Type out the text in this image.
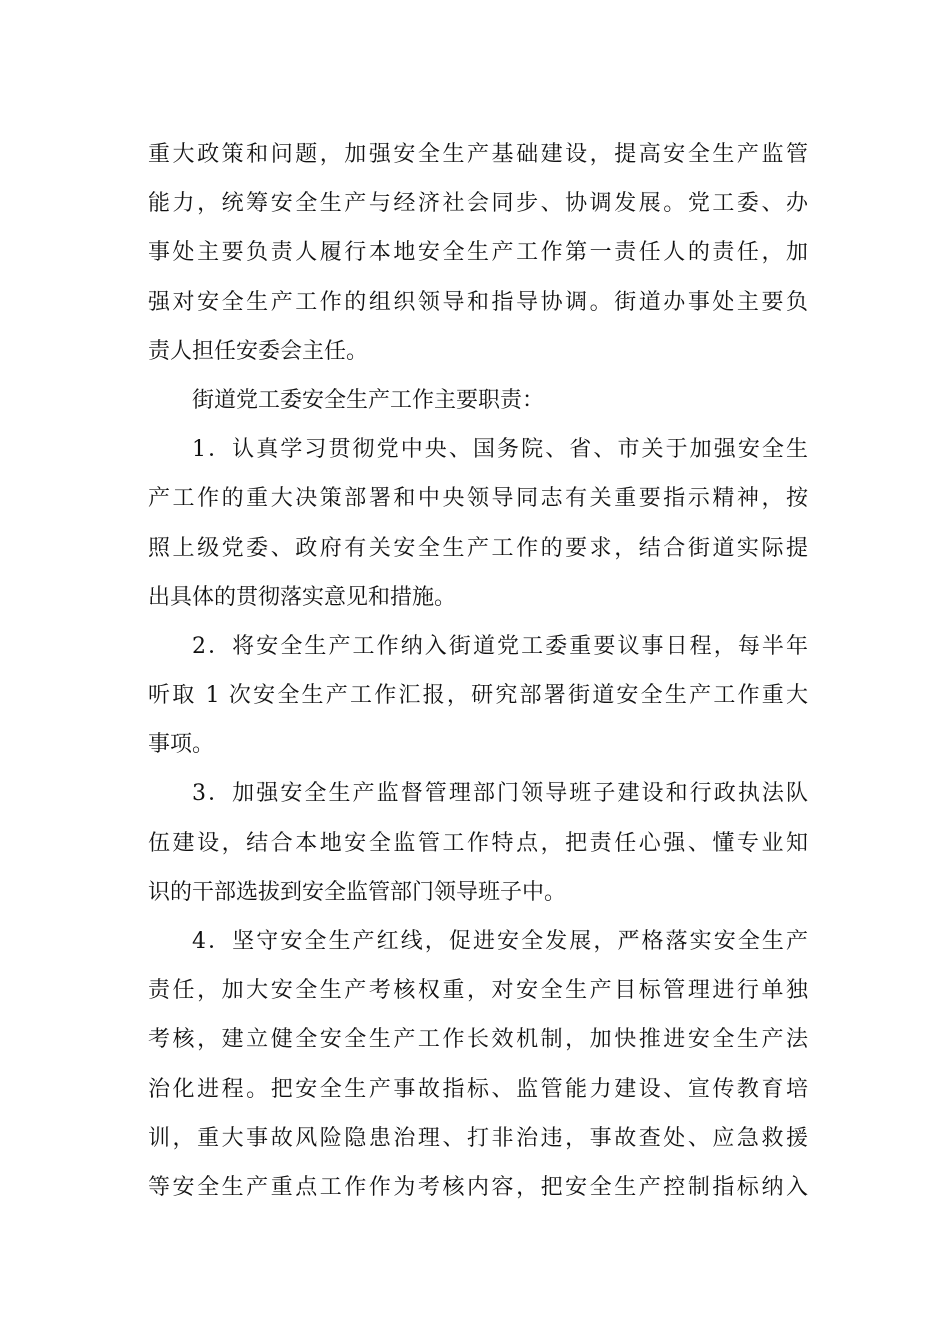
重大政策和问题，加强安全生产基础建设，提高安全生产监管
能力，统筹安全生产与经济社会同步、协调发展。党工委、办
事处主要负责人履行本地安全生产工作第一责任人的责任，加
强对安全生产工作的组织领导和指导协调。街道办事处主要负
责人担任安委会主任。
街道党工委安全生产工作主要职责：
1．认真学习贯彻党中央、国务院、省、市关于加强安全生
产工作的重大决策部署和中央领导同志有关重要指示精神，按
照上级党委、政府有关安全生产工作的要求，结合街道实际提
出具体的贯彻落实意见和措施。
2．将安全生产工作纳入街道党工委重要议事日程，每半年
听取 1 次安全生产工作汇报，研究部署街道安全生产工作重大
事项。
3．加强安全生产监督管理部门领导班子建设和行政执法队
伍建设，结合本地安全监管工作特点，把责任心强、懂专业知
识的干部选拔到安全监管部门领导班子中。
4．坚守安全生产红线，促进安全发展，严格落实安全生产
责任，加大安全生产考核权重，对安全生产目标管理进行单独
考核，建立健全安全生产工作长效机制，加快推进安全生产法
治化进程。把安全生产事故指标、监管能力建设、宣传教育培
训，重大事故风险隐患治理、打非治违，事故查处、应急救援
等安全生产重点工作作为考核内容，把安全生产控制指标纳入
